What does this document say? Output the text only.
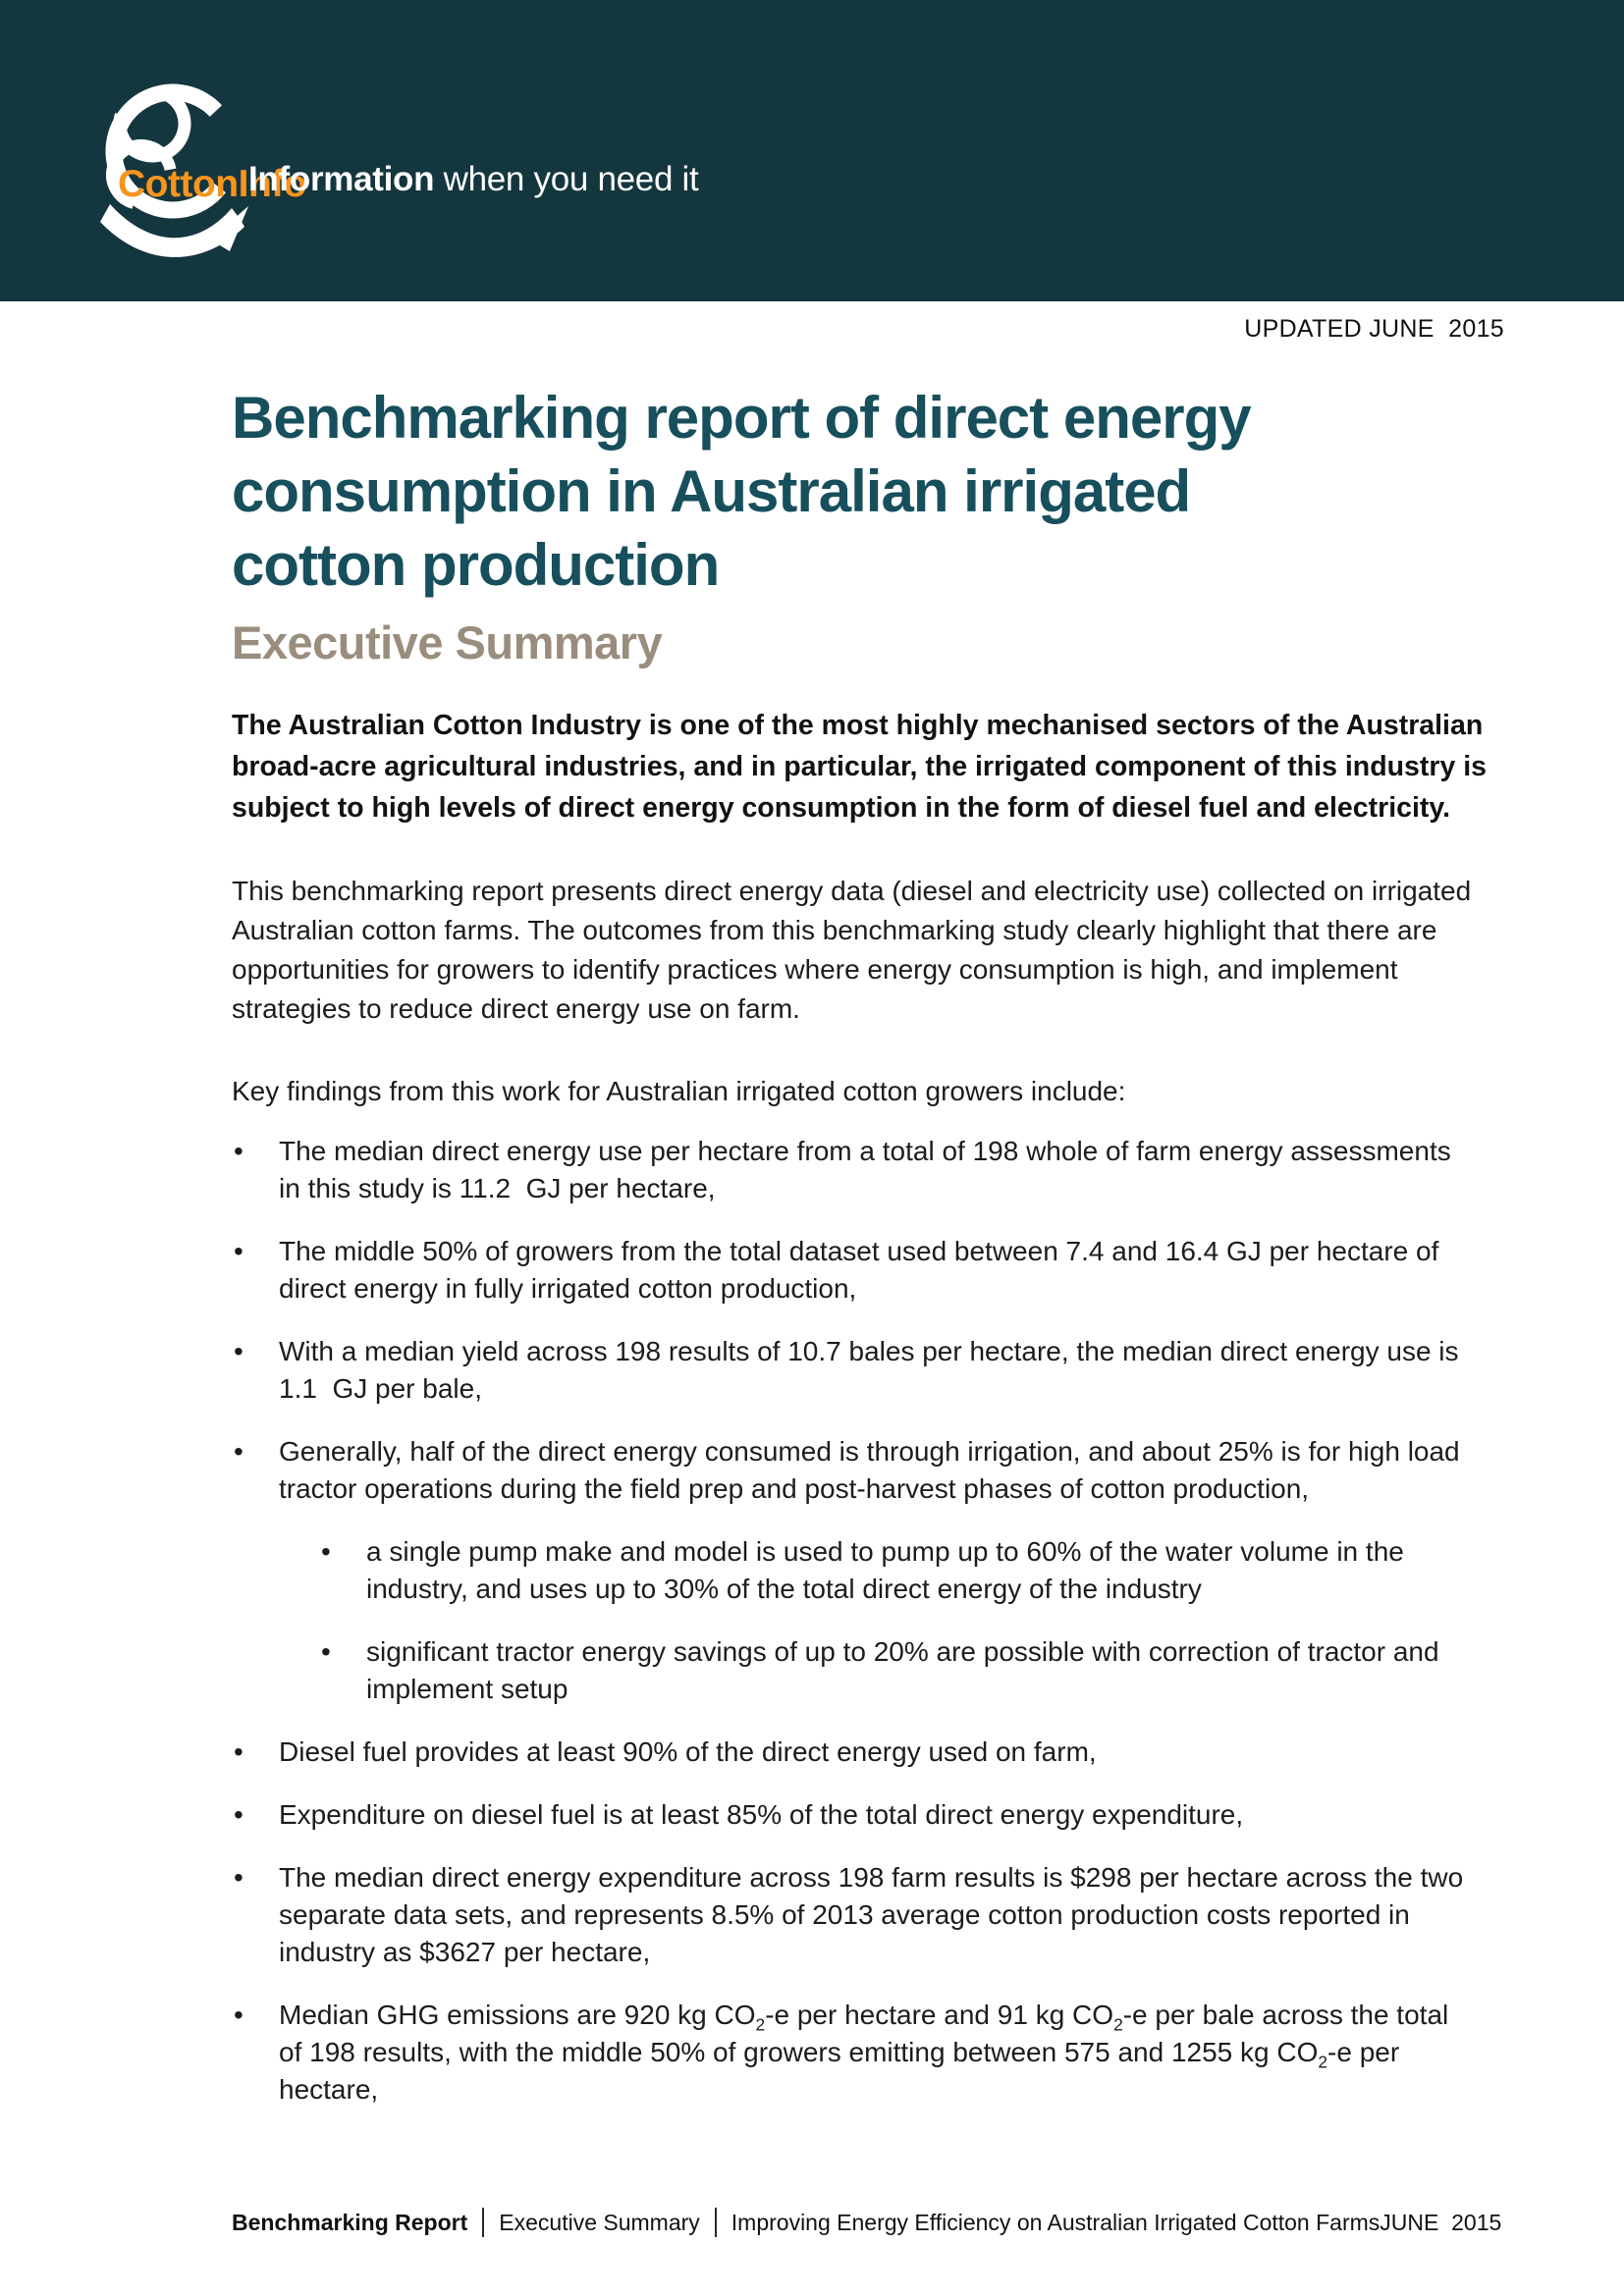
CottonInfo
Information when you need it
UPDATED JUNE  2015
Benchmarking report of direct energy
consumption in Australian irrigated
cotton production
Executive Summary
The Australian Cotton Industry is one of the most highly mechanised sectors of the Australian broad-acre agricultural industries, and in particular, the irrigated component of this industry is subject to high levels of direct energy consumption in the form of diesel fuel and electricity.
This benchmarking report presents direct energy data (diesel and electricity use) collected on irrigated Australian cotton farms. The outcomes from this benchmarking study clearly highlight that there are opportunities for growers to identify practices where energy consumption is high, and implement strategies to reduce direct energy use on farm.
Key findings from this work for Australian irrigated cotton growers include:
•	The median direct energy use per hectare from a total of 198 whole of farm energy assessments in this study is 11.2  GJ per hectare,
•	The middle 50% of growers from the total dataset used between 7.4 and 16.4 GJ per hectare of direct energy in fully irrigated cotton production,
•	With a median yield across 198 results of 10.7 bales per hectare, the median direct energy use is 1.1  GJ per bale,
•	Generally, half of the direct energy consumed is through irrigation, and about 25% is for high load tractor operations during the field prep and post-harvest phases of cotton production,
•	a single pump make and model is used to pump up to 60% of the water volume in the industry, and uses up to 30% of the total direct energy of the industry
•	significant tractor energy savings of up to 20% are possible with correction of tractor and implement setup
•	Diesel fuel provides at least 90% of the direct energy used on farm,
•	Expenditure on diesel fuel is at least 85% of the total direct energy expenditure,
•	The median direct energy expenditure across 198 farm results is $298 per hectare across the two separate data sets, and represents 8.5% of 2013 average cotton production costs reported in industry as $3627 per hectare,
•	Median GHG emissions are 920 kg $CO_2-e$ per hectare and 91 kg $CO_2-e$ per bale across the total of 198 results, with the middle 50% of growers emitting between 575 and 1255 kg $CO_2-e$ per hectare,
Benchmarking Report Executive Summary Improving Energy Efficiency on Australian Irrigated Cotton Farms JUNE  2015
